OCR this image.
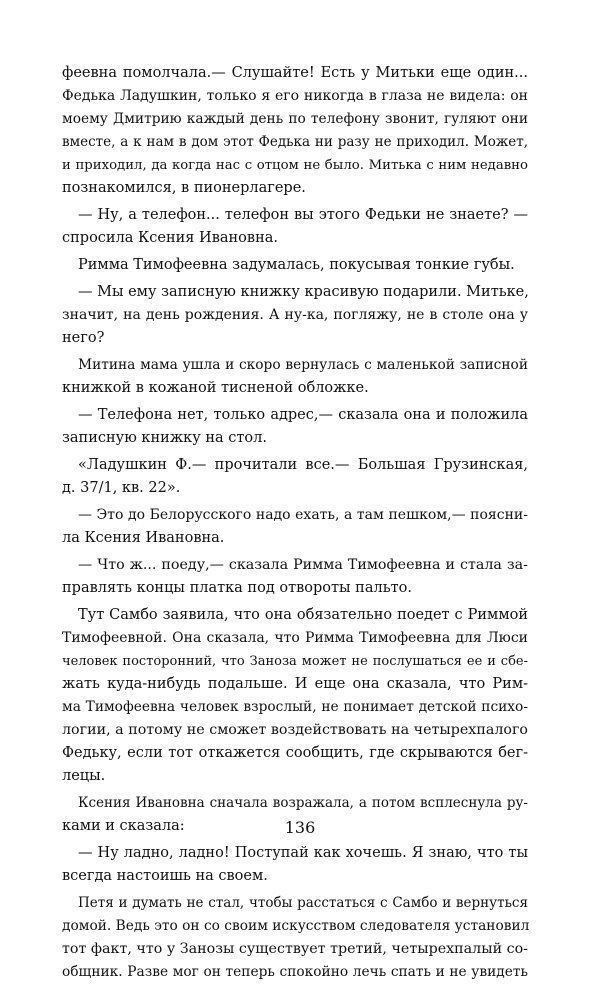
феевна помолчала.— Слушайте! Есть у Митьки еще один...
Федька Ладушкин, только я его никогда в глаза не видела: он
моему Дмитрию каждый день по телефону звонит, гуляют они
вместе, а к нам в дом этот Федька ни разу не приходил. Может,
и приходил, да когда нас с отцом не было. Митька с ним недавно
познакомился, в пионерлагере.
— Ну, а телефон... телефон вы этого Федьки не знаете? —
спросила Ксения Ивановна.
Римма Тимофеевна задумалась, покусывая тонкие губы.
— Мы ему записную книжку красивую подарили. Митьке,
значит, на день рождения. А ну-ка, погляжу, не в столе она у
него?
Митина мама ушла и скоро вернулась с маленькой записной
книжкой в кожаной тисненой обложке.
— Телефона нет, только адрес,— сказала она и положила
записную книжку на стол.
«Ладушкин Ф.— прочитали все.— Большая Грузинская,
д. 37/1, кв. 22».
— Это до Белорусского надо ехать, а там пешком,— поясни-
ла Ксения Ивановна.
— Что ж... поеду,— сказала Римма Тимофеевна и стала за-
правлять концы платка под отвороты пальто.
Тут Самбо заявила, что она обязательно поедет с Риммой
Тимофеевной. Она сказала, что Римма Тимофеевна для Люси
человек посторонний, что Заноза может не послушаться ее и сбе-
жать куда-нибудь подальше. И еще она сказала, что Рим-
ма Тимофеевна человек взрослый, не понимает детской психо-
логии, а потому не сможет воздействовать на четырехпалого
Федьку, если тот откажется сообщить, где скрываются бег-
лецы.
Ксения Ивановна сначала возражала, а потом всплеснула ру-
ками и сказала:
— Ну ладно, ладно! Поступай как хочешь. Я знаю, что ты
всегда настоишь на своем.
Петя и думать не стал, чтобы расстаться с Самбо и вернуться
домой. Ведь это он со своим искусством следователя установил
тот факт, что у Занозы существует третий, четырехпалый со-
общник. Разве мог он теперь спокойно лечь спать и не увидеть
136
